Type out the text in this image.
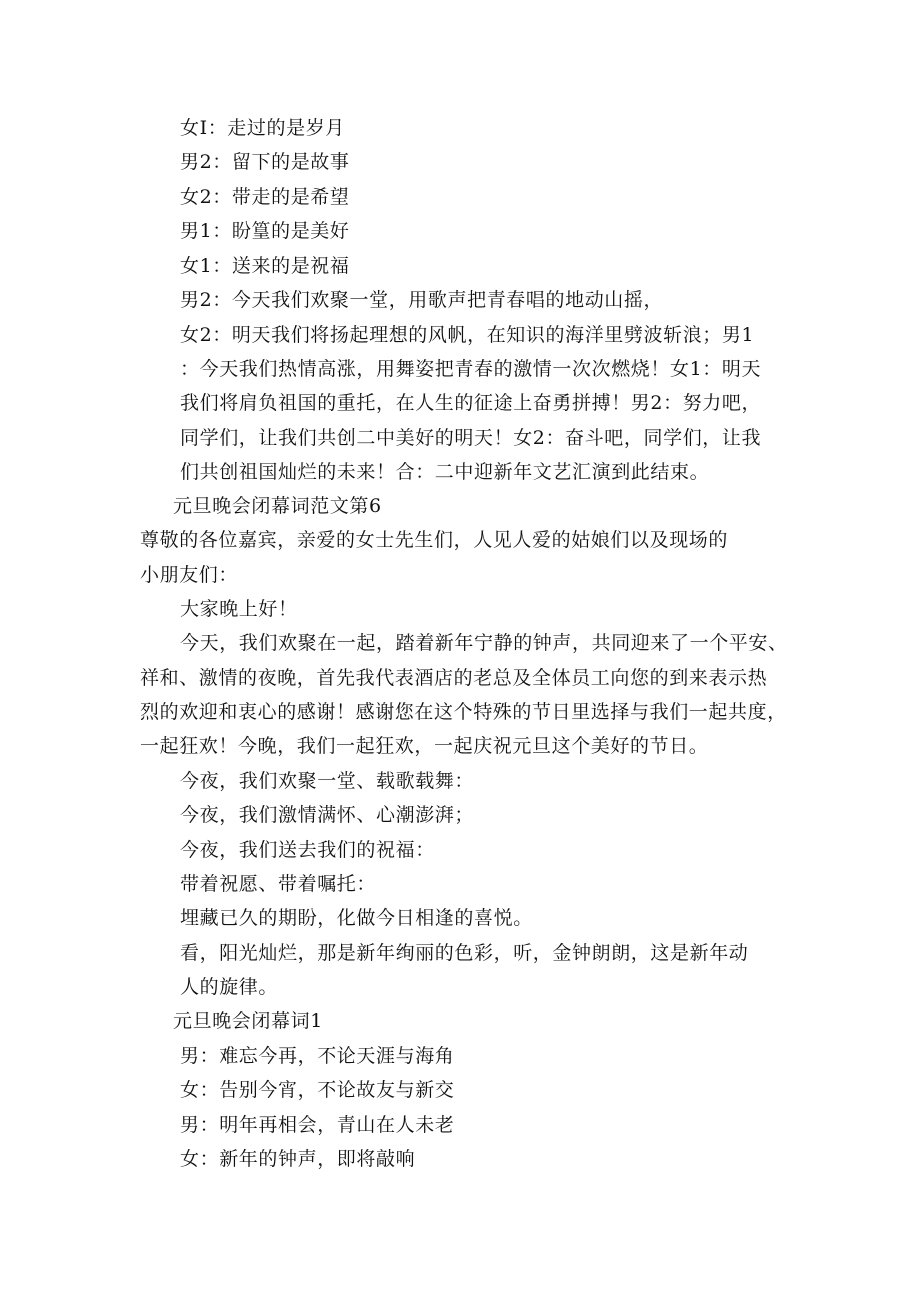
女I：走过的是岁月
男2：留下的是故事
女2：带走的是希望
男1：盼篁的是美好
女1：送来的是祝福
男2：今天我们欢聚一堂，用歌声把青春唱的地动山摇，
女2：明天我们将扬起理想的风帆，在知识的海洋里劈波斩浪；男1
：今天我们热情高涨，用舞姿把青春的激情一次次燃烧！女1：明天
我们将肩负祖国的重托，在人生的征途上奋勇拼搏！男2：努力吧，
同学们，让我们共创二中美好的明天！女2：奋斗吧，同学们，让我
们共创祖国灿烂的未来！合：二中迎新年文艺汇演到此结束。
元旦晚会闭幕词范文第6
尊敬的各位嘉宾，亲爱的女士先生们，人见人爱的姑娘们以及现场的
小朋友们：
大家晚上好！
今天，我们欢聚在一起，踏着新年宁静的钟声，共同迎来了一个平安、
祥和、激情的夜晚，首先我代表酒店的老总及全体员工向您的到来表示热
烈的欢迎和衷心的感谢！感谢您在这个特殊的节日里选择与我们一起共度，
一起狂欢！今晚，我们一起狂欢，一起庆祝元旦这个美好的节日。
今夜，我们欢聚一堂、载歌载舞：
今夜，我们激情满怀、心潮澎湃；
今夜，我们送去我们的祝福：
带着祝愿、带着嘱托：
埋藏已久的期盼，化做今日相逢的喜悦。
看，阳光灿烂，那是新年绚丽的色彩，听，金钟朗朗，这是新年动
人的旋律。
元旦晚会闭幕词1
男：难忘今再，不论天涯与海角
女：告别今宵，不论故友与新交
男：明年再相会，青山在人未老
女：新年的钟声，即将敲响
